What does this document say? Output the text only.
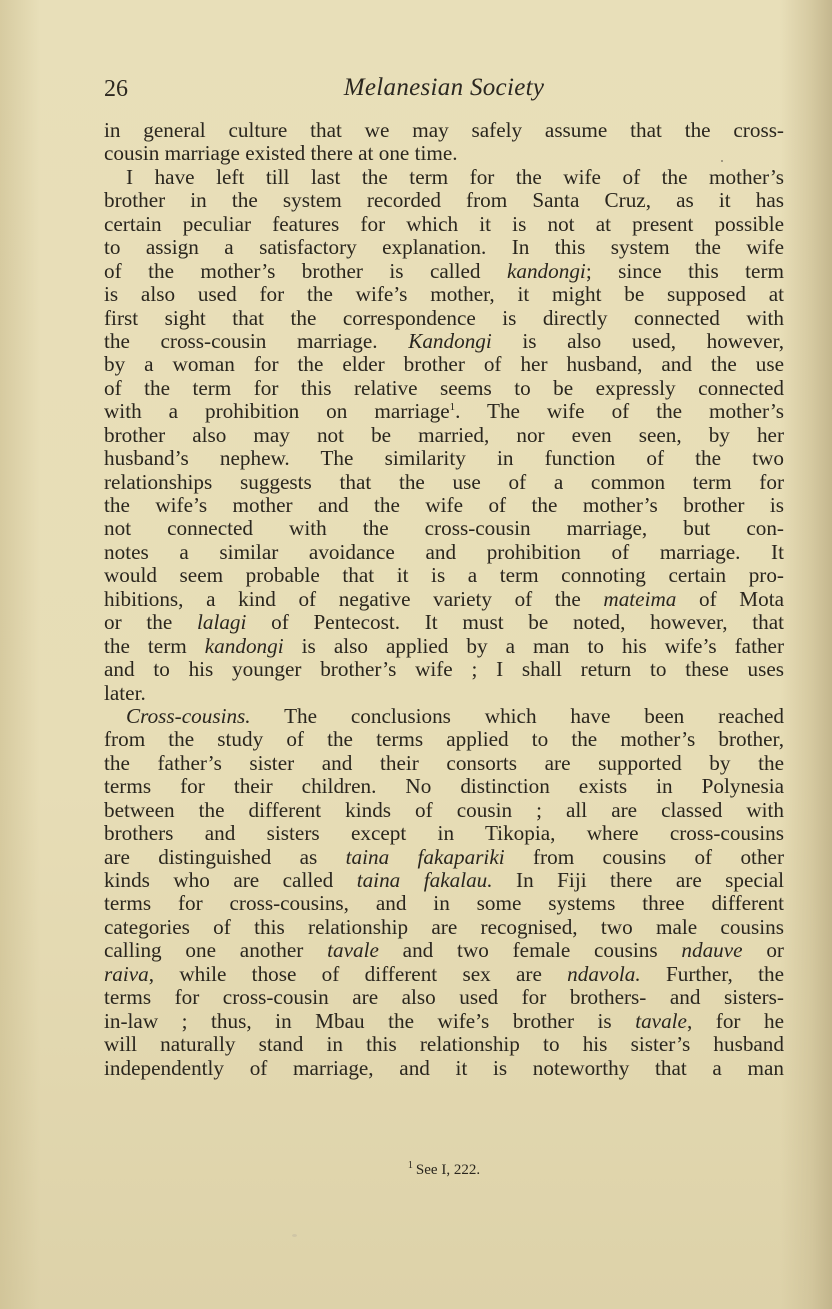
26	Melanesian Society
in general culture that we may safely assume that the cross-
cousin marriage existed there at one time.
I have left till last the term for the wife of the mother’s
brother in the system recorded from Santa Cruz, as it has
certain peculiar features for which it is not at present possible
to assign a satisfactory explanation. In this system the wife
of the mother’s brother is called kandongi; since this term
is also used for the wife’s mother, it might be supposed at
first sight that the correspondence is directly connected with
the cross-cousin marriage. Kandongi is also used, however,
by a woman for the elder brother of her husband, and the use
of the term for this relative seems to be expressly connected
with a prohibition on marriage$^1$. The wife of the mother’s
brother also may not be married, nor even seen, by her
husband’s nephew. The similarity in function of the two
relationships suggests that the use of a common term for
the wife’s mother and the wife of the mother’s brother is
not connected with the cross-cousin marriage, but con-
notes a similar avoidance and prohibition of marriage. It
would seem probable that it is a term connoting certain pro-
hibitions, a kind of negative variety of the mateima of Mota
or the lalagi of Pentecost. It must be noted, however, that
the term kandongi is also applied by a man to his wife’s father
and to his younger brother’s wife ; I shall return to these uses
later.
Cross-cousins. The conclusions which have been reached
from the study of the terms applied to the mother’s brother,
the father’s sister and their consorts are supported by the
terms for their children. No distinction exists in Polynesia
between the different kinds of cousin ; all are classed with
brothers and sisters except in Tikopia, where cross-cousins
are distinguished as taina fakapariki from cousins of other
kinds who are called taina fakalau. In Fiji there are special
terms for cross-cousins, and in some systems three different
categories of this relationship are recognised, two male cousins
calling one another tavale and two female cousins ndauve or
raiva, while those of different sex are ndavola. Further, the
terms for cross-cousin are also used for brothers- and sisters-
in-law ; thus, in Mbau the wife’s brother is tavale, for he
will naturally stand in this relationship to his sister’s husband
independently of marriage, and it is noteworthy that a man
$^1$ See I, 222.
